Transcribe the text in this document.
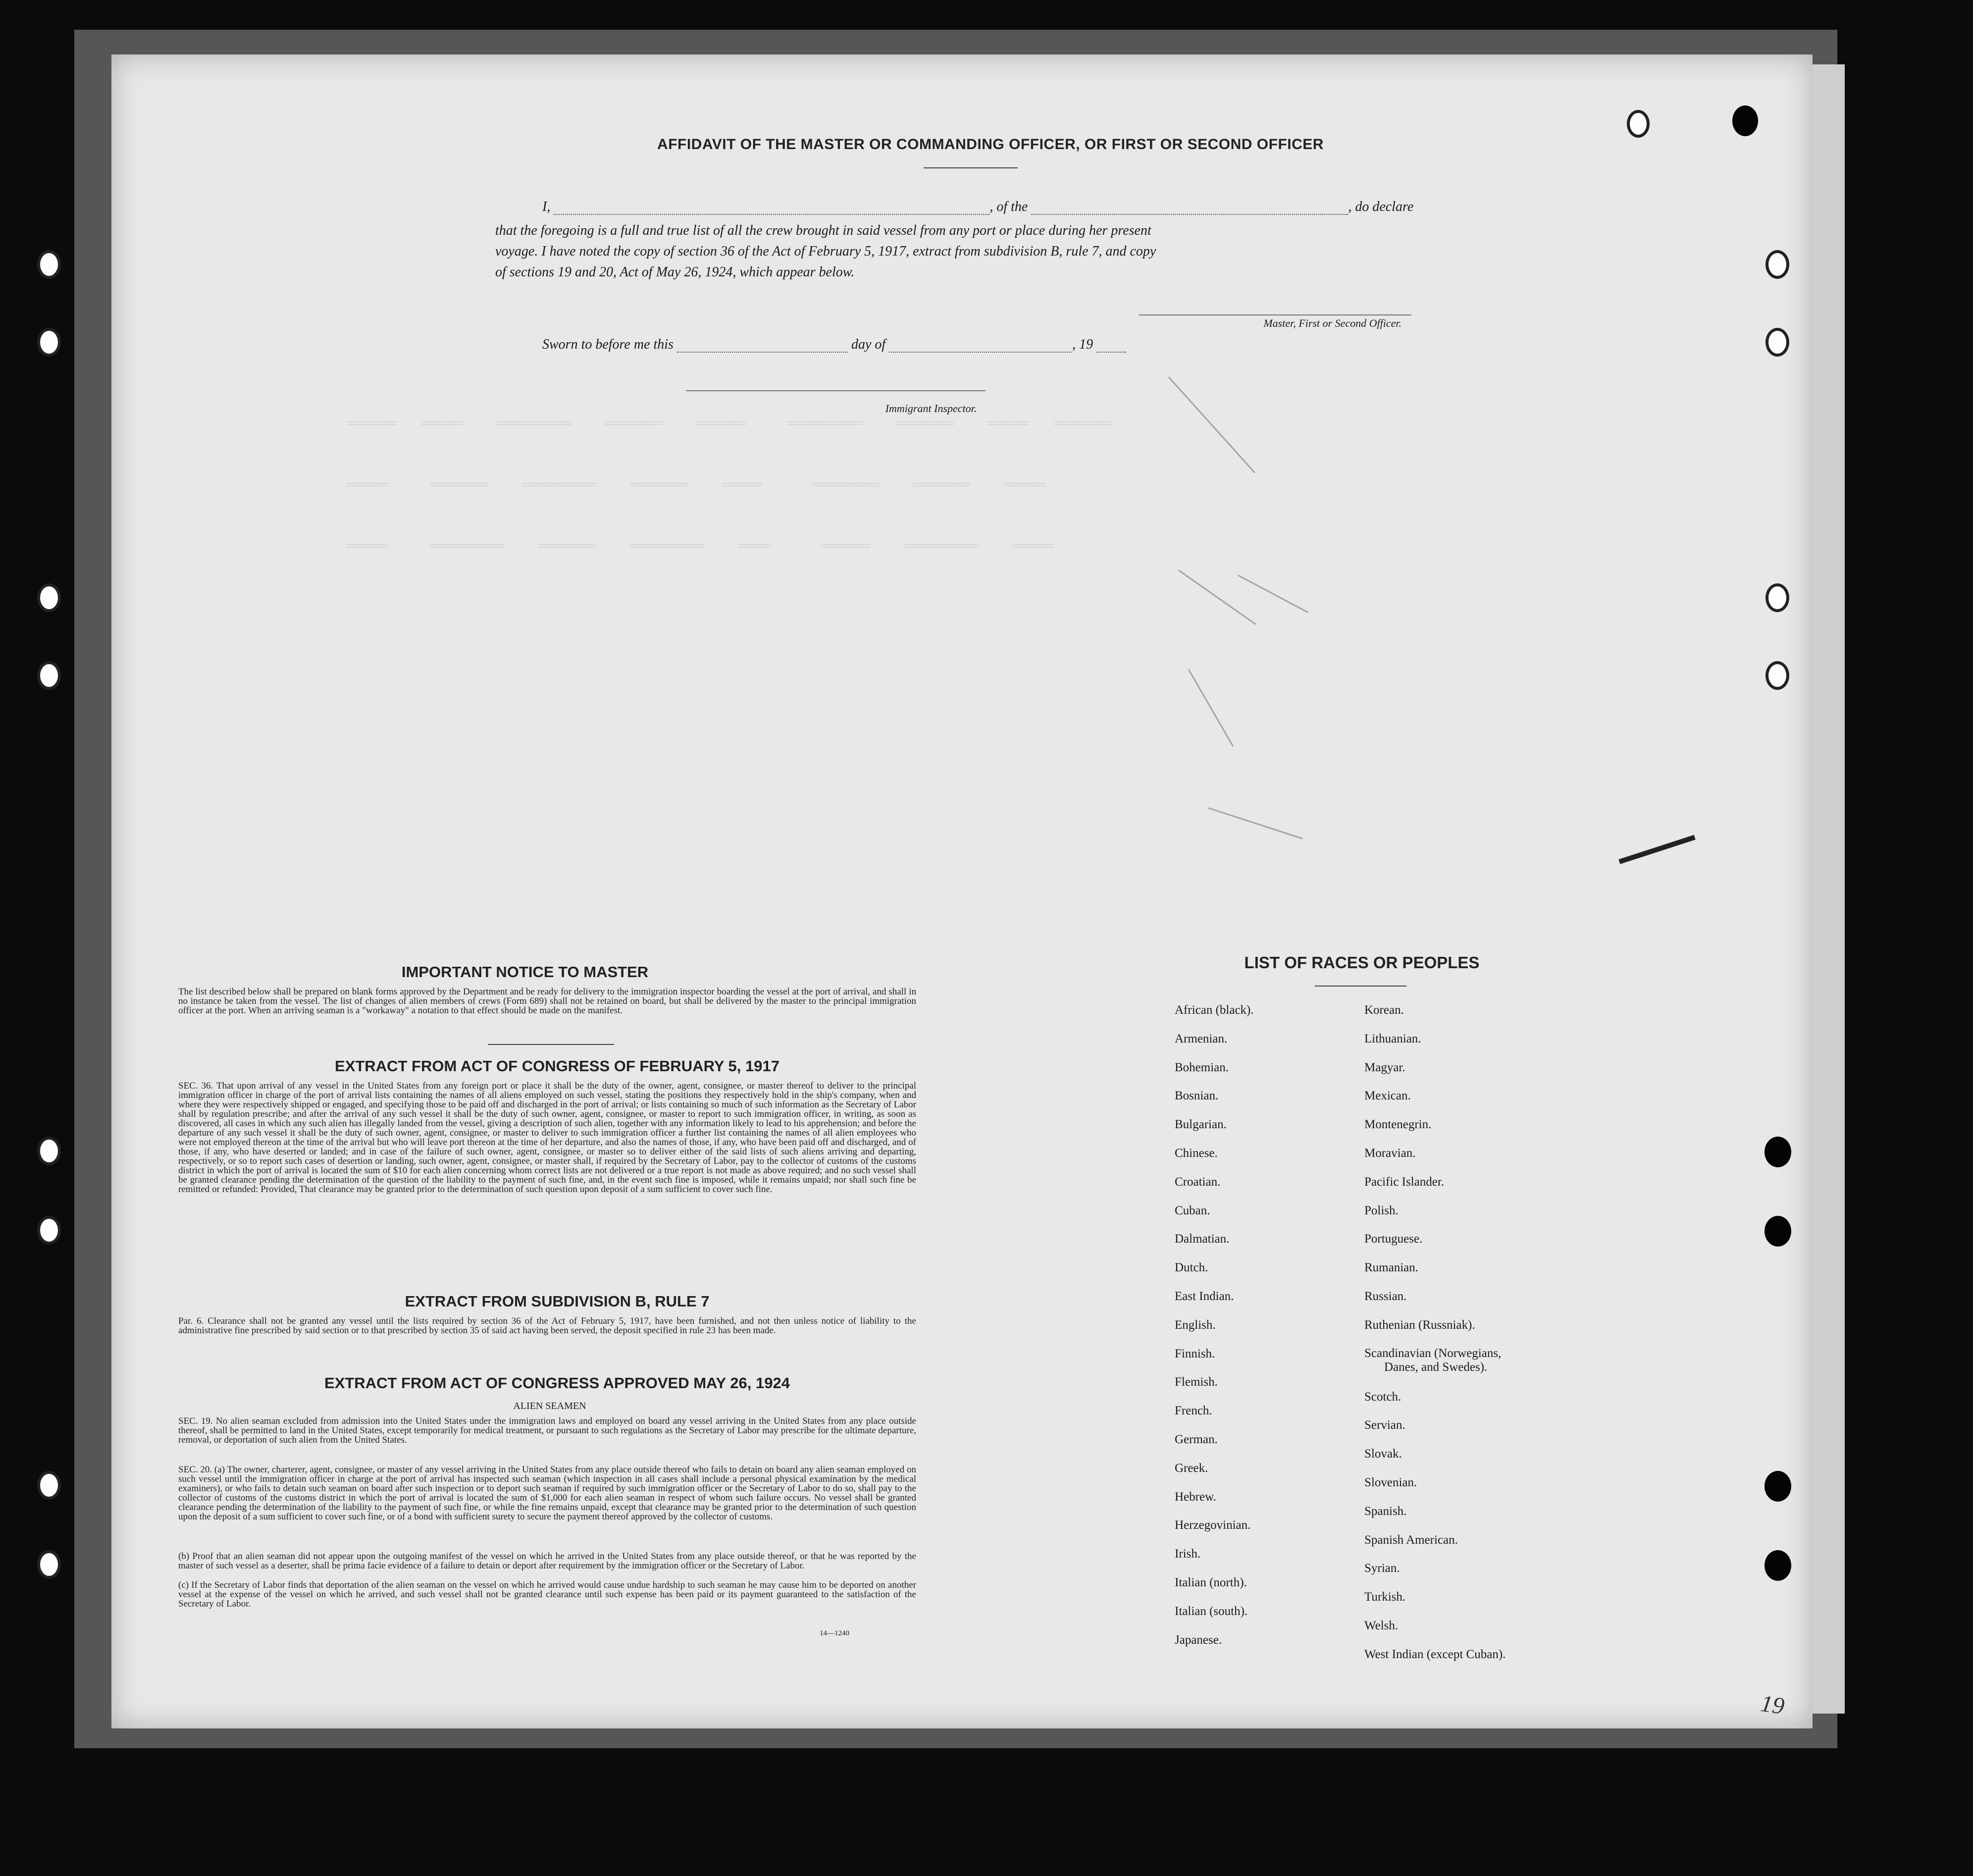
══════   ═════    ═════════    ═══════    ══════     ═════════    ═══════    ═════   ═══════

═════     ═══════    ═════════    ═══════    ═════      ════════    ═══════    ═════

═════     ═════════    ═══════    ═════════    ════      ══════    ═════════    ═════
AFFIDAVIT OF THE MASTER OR COMMANDING OFFICER, OR FIRST OR SECOND OFFICER
I,	, of the	, do declare
that the foregoing is a full and true list of all the crew brought in said vessel from any port or place during her present
voyage. I have noted the copy of section 36 of the Act of February 5, 1917, extract from subdivision B, rule 7, and copy
of sections 19 and 20, Act of May 26, 1924, which appear below.
Master, First or Second Officer.
Sworn to before me this	day of	, 19
Immigrant Inspector.
IMPORTANT NOTICE TO MASTER
The list described below shall be prepared on blank forms approved by the Department and be ready for delivery to the immigration inspector boarding the vessel at the port of arrival, and shall in no instance be taken from the vessel. The list of changes of alien members of crews (Form 689) shall not be retained on board, but shall be delivered by the master to the principal immigration officer at the port. When an arriving seaman is a "workaway" a notation to that effect should be made on the manifest.
EXTRACT FROM ACT OF CONGRESS OF FEBRUARY 5, 1917
SEC. 36. That upon arrival of any vessel in the United States from any foreign port or place it shall be the duty of the owner, agent, consignee, or master thereof to deliver to the principal immigration officer in charge of the port of arrival lists containing the names of all aliens employed on such vessel, stating the positions they respectively hold in the ship's company, when and where they were respectively shipped or engaged, and specifying those to be paid off and discharged in the port of arrival; or lists containing so much of such information as the Secretary of Labor shall by regulation prescribe; and after the arrival of any such vessel it shall be the duty of such owner, agent, consignee, or master to report to such immigration officer, in writing, as soon as discovered, all cases in which any such alien has illegally landed from the vessel, giving a description of such alien, together with any information likely to lead to his apprehension; and before the departure of any such vessel it shall be the duty of such owner, agent, consignee, or master to deliver to such immigration officer a further list containing the names of all alien employees who were not employed thereon at the time of the arrival but who will leave port thereon at the time of her departure, and also the names of those, if any, who have been paid off and discharged, and of those, if any, who have deserted or landed; and in case of the failure of such owner, agent, consignee, or master so to deliver either of the said lists of such aliens arriving and departing, respectively, or so to report such cases of desertion or landing, such owner, agent, consignee, or master shall, if required by the Secretary of Labor, pay to the collector of customs of the customs district in which the port of arrival is located the sum of $10 for each alien concerning whom correct lists are not delivered or a true report is not made as above required; and no such vessel shall be granted clearance pending the determination of the question of the liability to the payment of such fine, and, in the event such fine is imposed, while it remains unpaid; nor shall such fine be remitted or refunded: Provided, That clearance may be granted prior to the determination of such question upon deposit of a sum sufficient to cover such fine.
EXTRACT FROM SUBDIVISION B, RULE 7
Par. 6. Clearance shall not be granted any vessel until the lists required by section 36 of the Act of February 5, 1917, have been furnished, and not then unless notice of liability to the administrative fine prescribed by said section or to that prescribed by section 35 of said act having been served, the deposit specified in rule 23 has been made.
EXTRACT FROM ACT OF CONGRESS APPROVED MAY 26, 1924
ALIEN SEAMEN
SEC. 19. No alien seaman excluded from admission into the United States under the immigration laws and employed on board any vessel arriving in the United States from any place outside thereof, shall be permitted to land in the United States, except temporarily for medical treatment, or pursuant to such regulations as the Secretary of Labor may prescribe for the ultimate departure, removal, or deportation of such alien from the United States.
SEC. 20. (a) The owner, charterer, agent, consignee, or master of any vessel arriving in the United States from any place outside thereof who fails to detain on board any alien seaman employed on such vessel until the immigration officer in charge at the port of arrival has inspected such seaman (which inspection in all cases shall include a personal physical examination by the medical examiners), or who fails to detain such seaman on board after such inspection or to deport such seaman if required by such immigration officer or the Secretary of Labor to do so, shall pay to the collector of customs of the customs district in which the port of arrival is located the sum of $1,000 for each alien seaman in respect of whom such failure occurs. No vessel shall be granted clearance pending the determination of the liability to the payment of such fine, or while the fine remains unpaid, except that clearance may be granted prior to the determination of such question upon the deposit of a sum sufficient to cover such fine, or of a bond with sufficient surety to secure the payment thereof approved by the collector of customs.
(b) Proof that an alien seaman did not appear upon the outgoing manifest of the vessel on which he arrived in the United States from any place outside thereof, or that he was reported by the master of such vessel as a deserter, shall be prima facie evidence of a failure to detain or deport after requirement by the immigration officer or the Secretary of Labor.
(c) If the Secretary of Labor finds that deportation of the alien seaman on the vessel on which he arrived would cause undue hardship to such seaman he may cause him to be deported on another vessel at the expense of the vessel on which he arrived, and such vessel shall not be granted clearance until such expense has been paid or its payment guaranteed to the satisfaction of the Secretary of Labor.
14—1240
LIST OF RACES OR PEOPLES
African (black).
Armenian.
Bohemian.
Bosnian.
Bulgarian.
Chinese.
Croatian.
Cuban.
Dalmatian.
Dutch.
East Indian.
English.
Finnish.
Flemish.
French.
German.
Greek.
Hebrew.
Herzegovinian.
Irish.
Italian (north).
Italian (south).
Japanese.
Korean.
Lithuanian.
Magyar.
Mexican.
Montenegrin.
Moravian.
Pacific Islander.
Polish.
Portuguese.
Rumanian.
Russian.
Ruthenian (Russniak).
Scandinavian (Norwegians,
Danes, and Swedes).
Scotch.
Servian.
Slovak.
Slovenian.
Spanish.
Spanish American.
Syrian.
Turkish.
Welsh.
West Indian (except Cuban).
19
